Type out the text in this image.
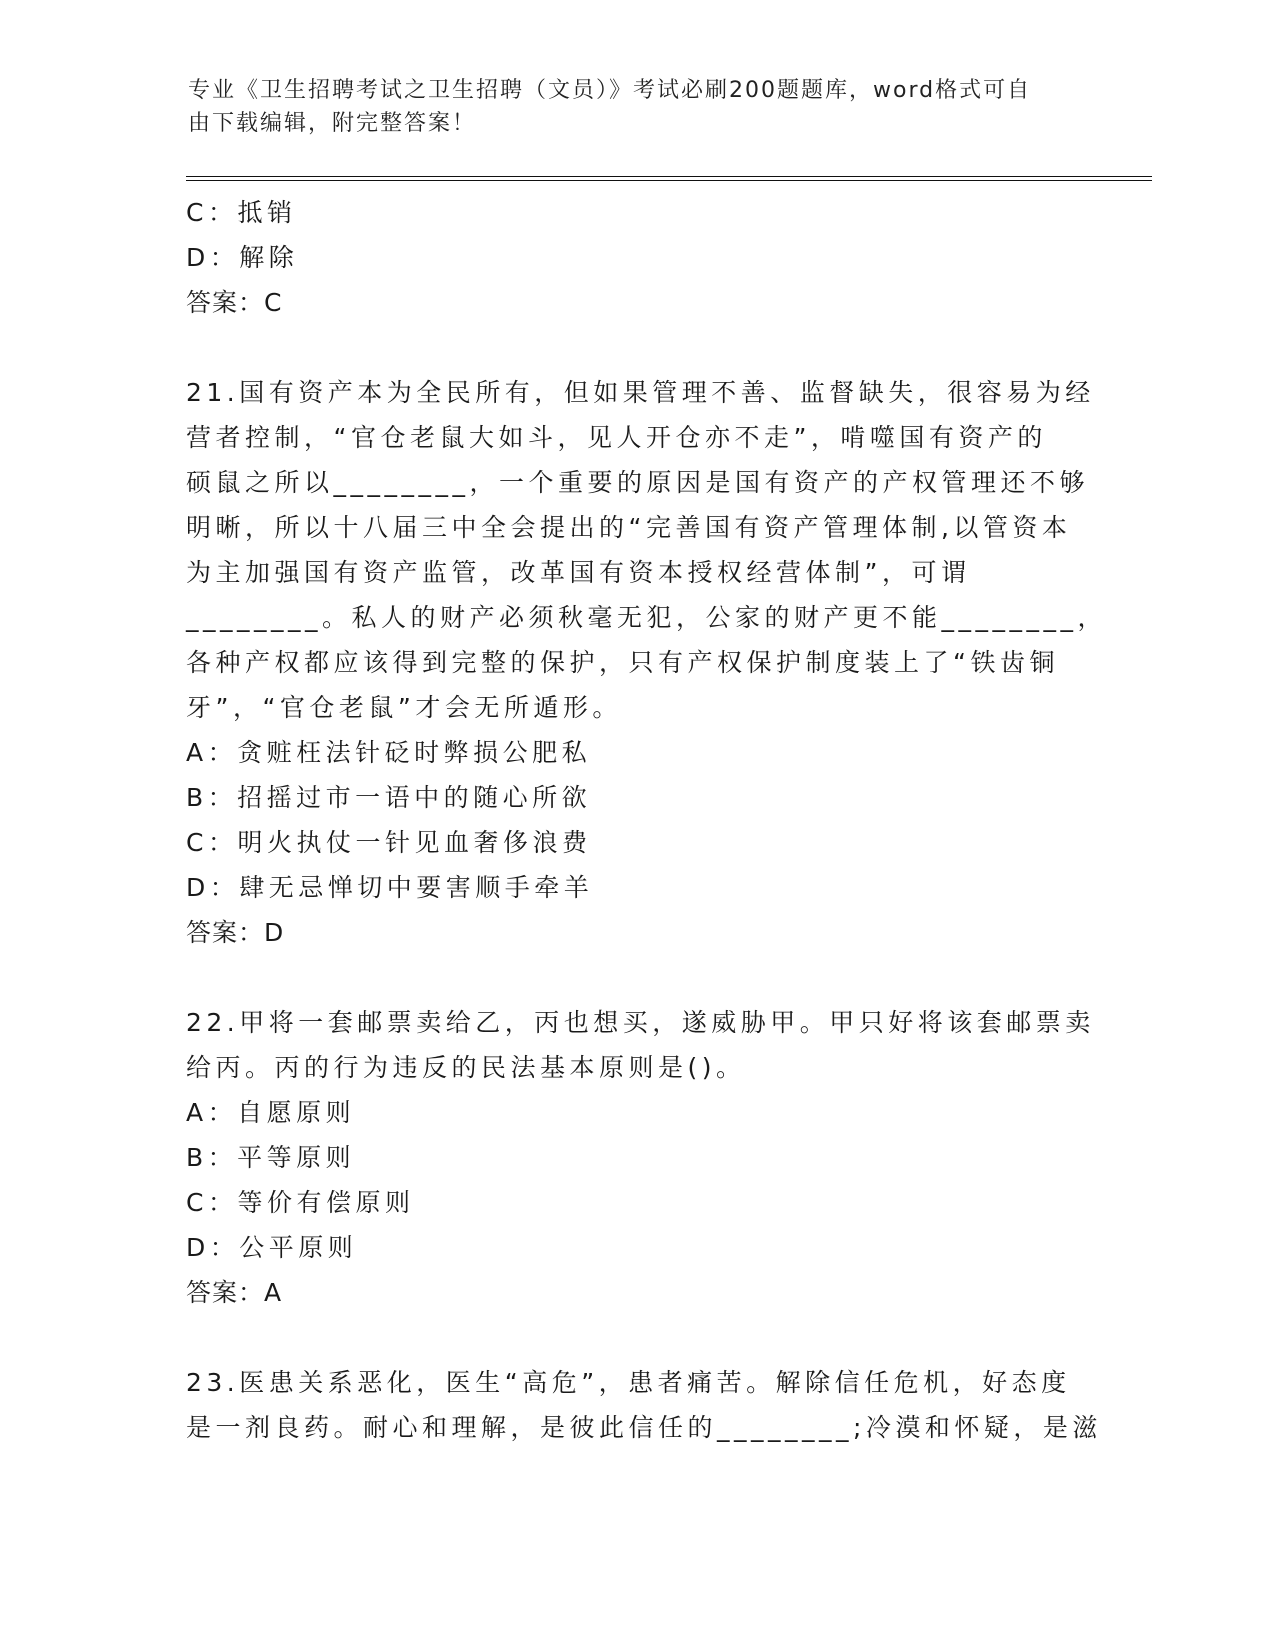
专业《卫生招聘考试之卫生招聘（文员）》考试必刷200题题库，word格式可自
由下载编辑，附完整答案！
C：抵销
D：解除
答案：C
21.国有资产本为全民所有，但如果管理不善、监督缺失，很容易为经
营者控制，“官仓老鼠大如斗，见人开仓亦不走”，啃噬国有资产的
硕鼠之所以________，一个重要的原因是国有资产的产权管理还不够
明晰，所以十八届三中全会提出的“完善国有资产管理体制,以管资本
为主加强国有资产监管，改革国有资本授权经营体制”，可谓
________。私人的财产必须秋毫无犯，公家的财产更不能________，
各种产权都应该得到完整的保护，只有产权保护制度装上了“铁齿铜
牙”，“官仓老鼠”才会无所遁形。
A：贪赃枉法针砭时弊损公肥私
B：招摇过市一语中的随心所欲
C：明火执仗一针见血奢侈浪费
D：肆无忌惮切中要害顺手牵羊
答案：D
22.甲将一套邮票卖给乙，丙也想买，遂威胁甲。甲只好将该套邮票卖
给丙。丙的行为违反的民法基本原则是()。
A：自愿原则
B：平等原则
C：等价有偿原则
D：公平原则
答案：A
23.医患关系恶化，医生“高危”，患者痛苦。解除信任危机，好态度
是一剂良药。耐心和理解，是彼此信任的________;冷漠和怀疑，是滋
